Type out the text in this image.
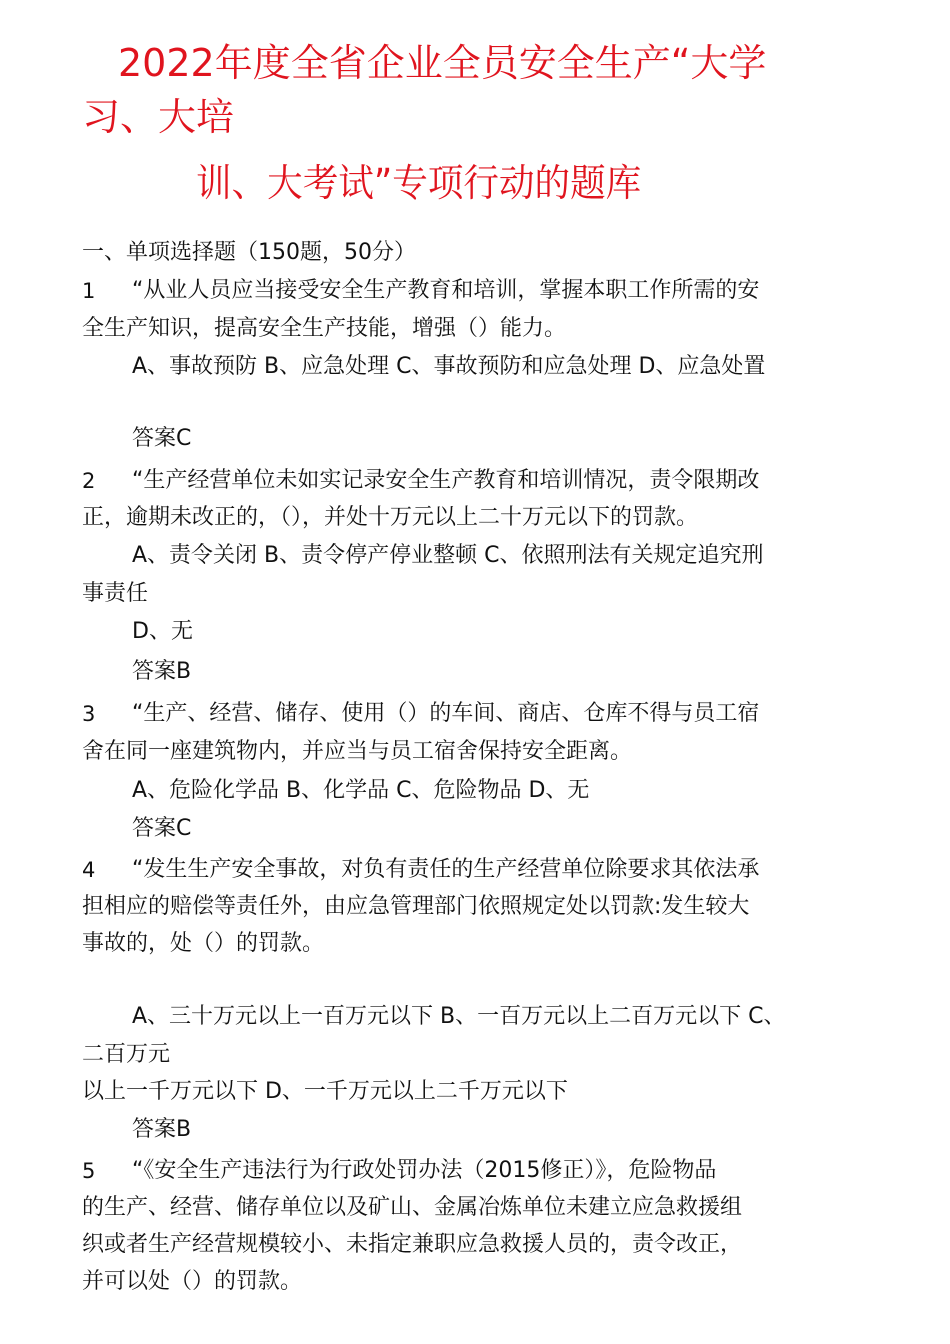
2022年度全省企业全员安全生产“大学
习、大培
训、大考试”专项行动的题库
一、单项选择题（150题，50分）
1 “从业人员应当接受安全生产教育和培训，掌握本职工作所需的安
全生产知识，提高安全生产技能，增强（）能力。
A、事故预防 B、应急处理 C、事故预防和应急处理 D、应急处置
答案C
2 “生产经营单位未如实记录安全生产教育和培训情况，责令限期改
正，逾期未改正的，（），并处十万元以上二十万元以下的罚款。
A、责令关闭 B、责令停产停业整顿 C、依照刑法有关规定追究刑
事责任
D、无
答案B
3 “生产、经营、储存、使用（）的车间、商店、仓库不得与员工宿
舍在同一座建筑物内，并应当与员工宿舍保持安全距离。
A、危险化学品 B、化学品 C、危险物品 D、无
答案C
4 “发生生产安全事故，对负有责任的生产经营单位除要求其依法承
担相应的赔偿等责任外，由应急管理部门依照规定处以罚款:发生较大
事故的，处（）的罚款。
A、三十万元以上一百万元以下 B、一百万元以上二百万元以下 C、
二百万元
以上一千万元以下 D、一千万元以上二千万元以下
答案B
5 “《安全生产违法行为行政处罚办法（2015修正）》，危险物品
的生产、经营、储存单位以及矿山、金属冶炼单位未建立应急救援组
织或者生产经营规模较小、未指定兼职应急救援人员的，责令改正，
并可以处（）的罚款。
